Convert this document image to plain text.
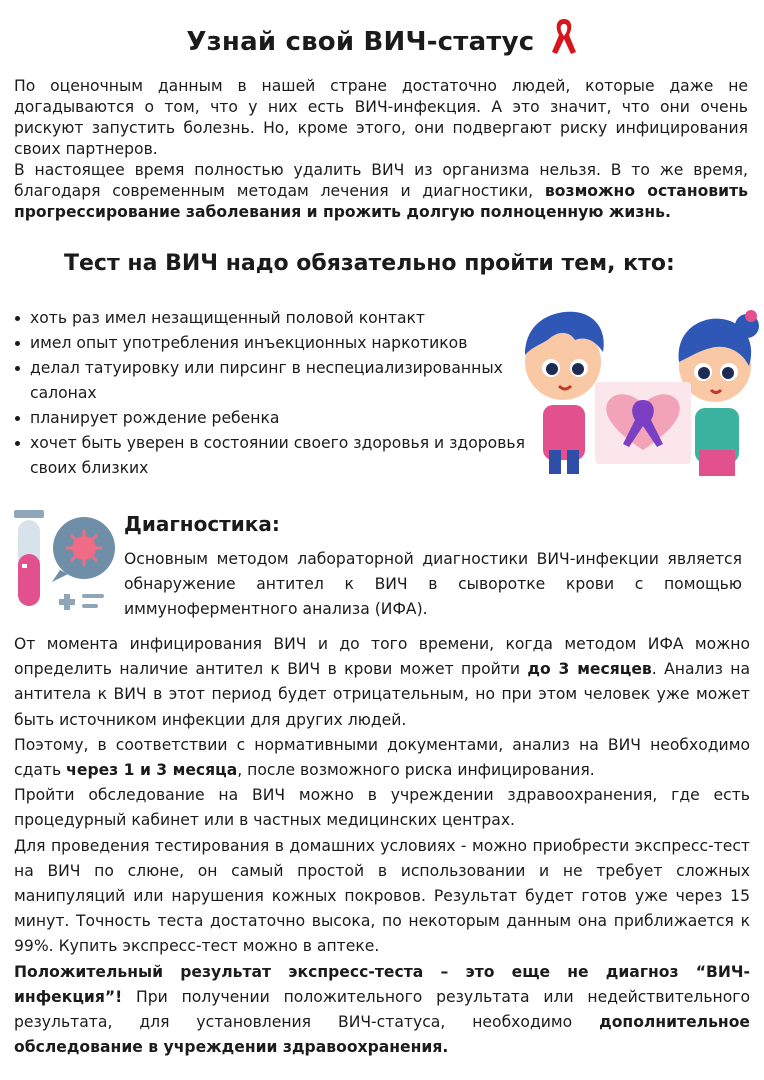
Узнай свой ВИЧ-статус

По оценочным данным в нашей стране достаточно людей, которые даже не догадываются о том, что у них есть ВИЧ-инфекция. А это значит, что они очень рискуют запустить болезнь. Но, кроме этого, они подвергают риску инфицирования своих партнеров.

В настоящее время полностью удалить ВИЧ из организма нельзя. В то же время, благодаря современным методам лечения и диагностики, возможно остановить прогрессирование заболевания и прожить долгую полноценную жизнь.

Тест на ВИЧ надо обязательно пройти тем, кто:
хоть раз имел незащищенный половой контакт
имел опыт употребления инъекционных наркотиков
делал татуировку или пирсинг в неспециализированных салонах
планирует рождение ребенка
хочет быть уверен в состоянии своего здоровья и здоровья своих близких
Диагностика:

Основным методом лабораторной диагностики ВИЧ-инфекции является обнаружение антител к ВИЧ в сыворотке крови с помощью иммуноферментного анализа (ИФА).

От момента инфицирования ВИЧ и до того времени, когда методом ИФА можно определить наличие антител к ВИЧ в крови может пройти до 3 месяцев. Анализ на антитела к ВИЧ в этот период будет отрицательным, но при этом человек уже может быть источником инфекции для других людей.

Поэтому, в соответствии с нормативными документами, анализ на ВИЧ необходимо сдать через 1 и 3 месяца, после возможного риска инфицирования.

Пройти обследование на ВИЧ можно в учреждении здравоохранения, где есть процедурный кабинет или в частных медицинских центрах.

Для проведения тестирования в домашних условиях - можно приобрести экспресс-тест на ВИЧ по слюне, он самый простой в использовании и не требует сложных манипуляций или нарушения кожных покровов. Результат будет готов уже через 15 минут. Точность теста достаточно высока, по некоторым данным она приближается к 99%. Купить экспресс-тест можно в аптеке.

Положительный результат экспресс-теста – это еще не диагноз “ВИЧ-инфекция”! При получении положительного результата или недействительного результата, для установления ВИЧ-статуса, необходимо дополнительное обследование в учреждении здравоохранения.
